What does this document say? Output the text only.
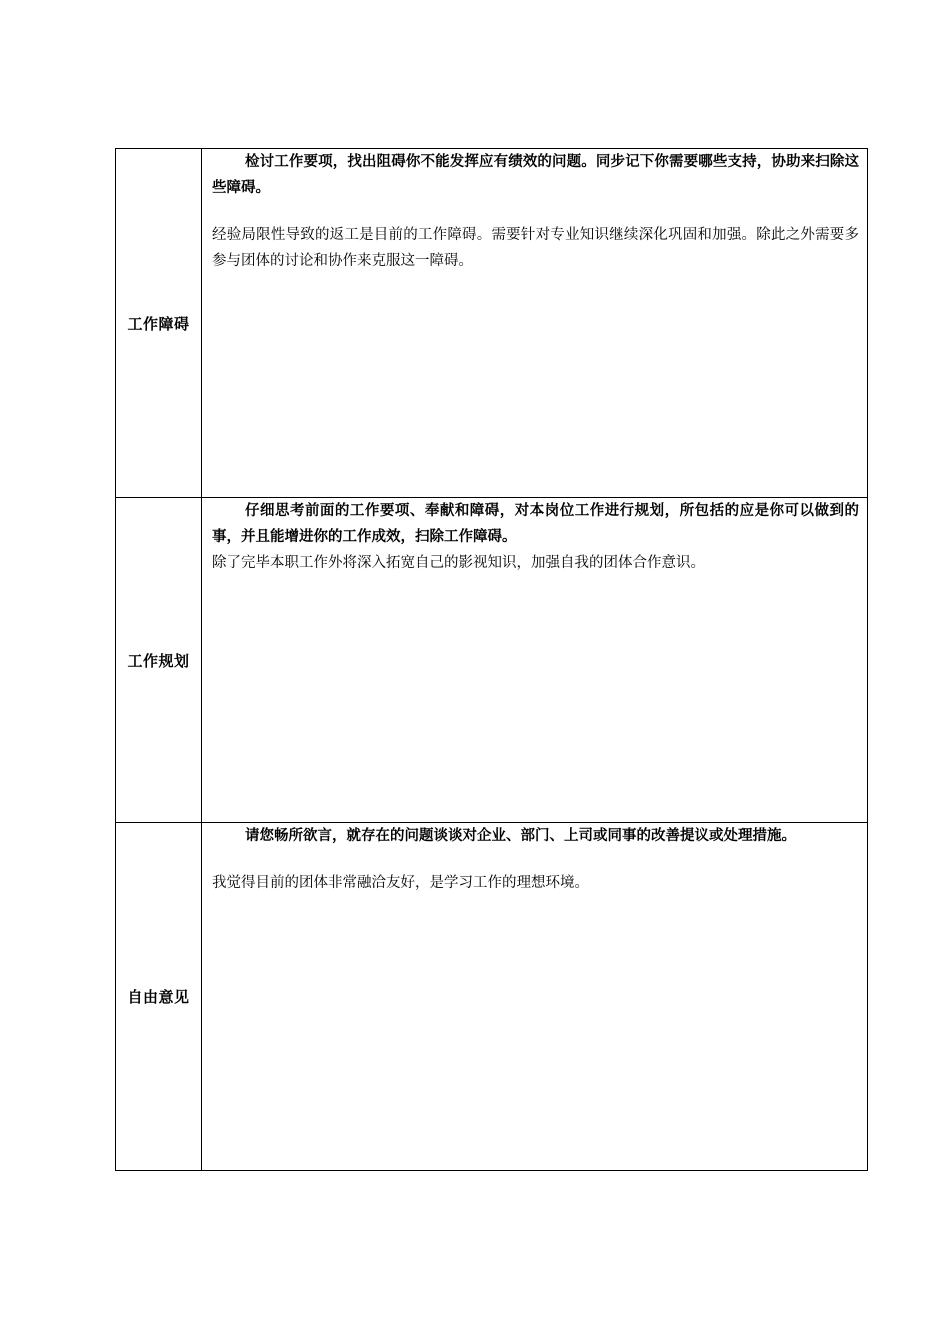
工作障碍	检讨工作要项，找出阻碍你不能发挥应有绩效的问题。同步记下你需要哪些支持，协助来扫除这些障碍。

经验局限性导致的返工是目前的工作障碍。需要针对专业知识继续深化巩固和加强。除此之外需要多参与团体的讨论和协作来克服这一障碍。

工作规划	仔细思考前面的工作要项、奉献和障碍，对本岗位工作进行规划，所包括的应是你可以做到的事，并且能增进你的工作成效，扫除工作障碍。

除了完毕本职工作外将深入拓宽自己的影视知识，加强自我的团体合作意识。

自由意见	请您畅所欲言，就存在的问题谈谈对企业、部门、上司或同事的改善提议或处理措施。

我觉得目前的团体非常融洽友好，是学习工作的理想环境。
